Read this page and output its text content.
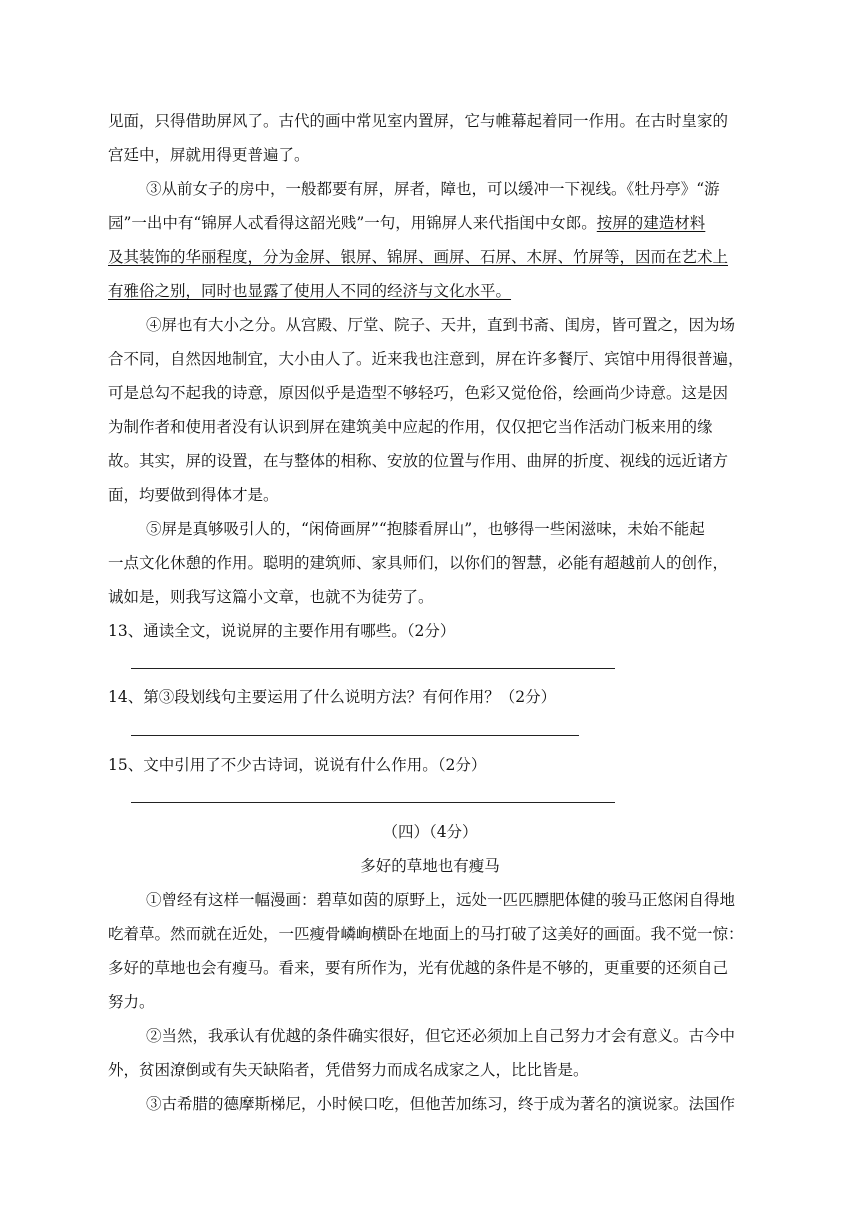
见面，只得借助屏风了。古代的画中常见室内置屏，它与帷幕起着同一作用。在古时皇家的
宫廷中，屏就用得更普遍了。
③从前女子的房中，一般都要有屏，屏者，障也，可以缓冲一下视线。《牡丹亭》“游
园”一出中有“锦屏人忒看得这韶光贱”一句，用锦屏人来代指闺中女郎。按屏的建造材料
及其装饰的华丽程度，分为金屏、银屏、锦屏、画屏、石屏、木屏、竹屏等，因而在艺术上
有雅俗之别，同时也显露了使用人不同的经济与文化水平。
④屏也有大小之分。从宫殿、厅堂、院子、天井，直到书斋、闺房，皆可置之，因为场
合不同，自然因地制宜，大小由人了。近来我也注意到，屏在许多餐厅、宾馆中用得很普遍，
可是总勾不起我的诗意，原因似乎是造型不够轻巧，色彩又觉伧俗，绘画尚少诗意。这是因
为制作者和使用者没有认识到屏在建筑美中应起的作用，仅仅把它当作活动门板来用的缘
故。其实，屏的设置，在与整体的相称、安放的位置与作用、曲屏的折度、视线的远近诸方
面，均要做到得体才是。
⑤屏是真够吸引人的，“闲倚画屏”“抱膝看屏山”，也够得一些闲滋味，未始不能起
一点文化休憩的作用。聪明的建筑师、家具师们，以你们的智慧，必能有超越前人的创作，
诚如是，则我写这篇小文章，也就不为徒劳了。
13、通读全文，说说屏的主要作用有哪些。（2分）
14、第③段划线句主要运用了什么说明方法？有何作用？（2分）
15、文中引用了不少古诗词，说说有什么作用。（2分）
（四）（4分）
多好的草地也有瘦马
①曾经有这样一幅漫画：碧草如茵的原野上，远处一匹匹膘肥体健的骏马正悠闲自得地
吃着草。然而就在近处，一匹瘦骨嶙峋横卧在地面上的马打破了这美好的画面。我不觉一惊：
多好的草地也会有瘦马。看来，要有所作为，光有优越的条件是不够的，更重要的还须自己
努力。
②当然，我承认有优越的条件确实很好，但它还必须加上自己努力才会有意义。古今中
外，贫困潦倒或有失天缺陷者，凭借努力而成名成家之人，比比皆是。
③古希腊的德摩斯梯尼，小时候口吃，但他苦加练习，终于成为著名的演说家。法国作
